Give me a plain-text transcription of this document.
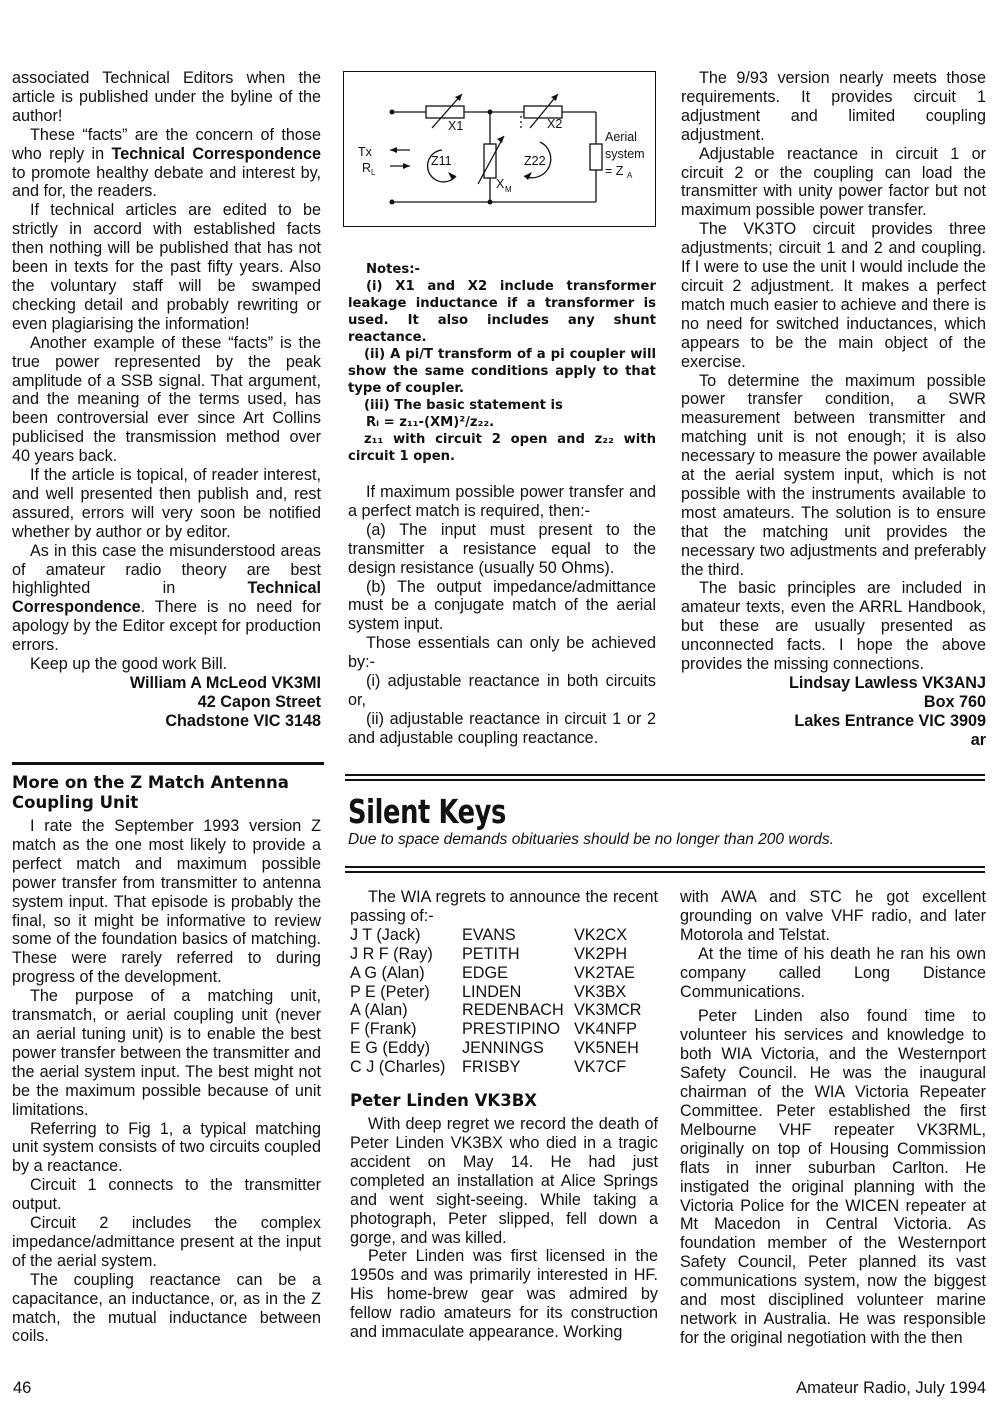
associated Technical Editors when the article is published under the byline of the author!

These “facts” are the concern of those who reply in Technical Correspondence to promote healthy debate and interest by, and for, the readers.

If technical articles are edited to be strictly in accord with established facts then nothing will be published that has not been in texts for the past fifty years. Also the voluntary staff will be swamped checking detail and probably rewriting or even plagiarising the information!

Another example of these “facts” is the true power represented by the peak amplitude of a SSB signal. That argument, and the meaning of the terms used, has been controversial ever since Art Collins publicised the transmission method over 40 years back.

If the article is topical, of reader interest, and well presented then publish and, rest assured, errors will very soon be notified whether by author or by editor.

As in this case the misunderstood areas of amateur radio theory are best highlighted in Technical Correspondence. There is no need for apology by the Editor except for production errors.

Keep up the good work Bill.

William A McLeod VK3MI
42 Capon Street
Chadstone VIC 3148
X1	X2
Tx
R L
Z11	Z22
X M
Aerial
system
= Z A

Notes:-

(i) X1 and X2 include transformer leakage inductance if a transformer is used. It also includes any shunt reactance.

(ii) A pi/T transform of a pi coupler will show the same conditions apply to that type of coupler.

(iii) The basic statement is

Rₗ = z₁₁-(XM)²/z₂₂.

z₁₁ with circuit 2 open and z₂₂ with circuit 1 open.

If maximum possible power transfer and a perfect match is required, then:-

(a) The input must present to the transmitter a resistance equal to the design resistance (usually 50 Ohms).

(b) The output impedance/admittance must be a conjugate match of the aerial system input.

Those essentials can only be achieved by:-

(i) adjustable reactance in both circuits or,

(ii) adjustable reactance in circuit 1 or 2 and adjustable coupling reactance.

The 9/93 version nearly meets those requirements. It provides circuit 1 adjustment and limited coupling adjustment.

Adjustable reactance in circuit 1 or circuit 2 or the coupling can load the transmitter with unity power factor but not maximum possible power transfer.

The VK3TO circuit provides three adjustments; circuit 1 and 2 and coupling. If I were to use the unit I would include the circuit 2 adjustment. It makes a perfect match much easier to achieve and there is no need for switched inductances, which appears to be the main object of the exercise.

To determine the maximum possible power transfer condition, a SWR measurement between transmitter and matching unit is not enough; it is also necessary to measure the power available at the aerial system input, which is not possible with the instruments available to most amateurs. The solution is to ensure that the matching unit provides the necessary two adjustments and preferably the third.

The basic principles are included in amateur texts, even the ARRL Handbook, but these are usually presented as unconnected facts. I hope the above provides the missing connections.

Lindsay Lawless VK3ANJ
Box 760
Lakes Entrance VIC 3909
ar
More on the Z Match Antenna Coupling Unit

I rate the September 1993 version Z match as the one most likely to provide a perfect match and maximum possible power transfer from transmitter to antenna system input. That episode is probably the final, so it might be informative to review some of the foundation basics of matching. These were rarely referred to during progress of the development.

The purpose of a matching unit, transmatch, or aerial coupling unit (never an aerial tuning unit) is to enable the best power transfer between the transmitter and the aerial system input. The best might not be the maximum possible because of unit limitations.

Referring to Fig 1, a typical matching unit system consists of two circuits coupled by a reactance.

Circuit 1 connects to the transmitter output.

Circuit 2 includes the complex impedance/admittance present at the input of the aerial system.

The coupling reactance can be a capacitance, an inductance, or, as in the Z match, the mutual inductance between coils.

Silent Keys
Due to space demands obituaries should be no longer than 200 words.

The WIA regrets to announce the recent passing of:-

J T (Jack)	EVANS	VK2CX
J R F (Ray)	PETITH	VK2PH
A G (Alan)	EDGE	VK2TAE
P E (Peter)	LINDEN	VK3BX
A (Alan)	REDENBACH	VK3MCR
F (Frank)	PRESTIPINO	VK4NFP
E G (Eddy)	JENNINGS	VK5NEH
C J (Charles)	FRISBY	VK7CF
Peter Linden VK3BX

With deep regret we record the death of Peter Linden VK3BX who died in a tragic accident on May 14. He had just completed an installation at Alice Springs and went sight-seeing. While taking a photograph, Peter slipped, fell down a gorge, and was killed.

Peter Linden was first licensed in the 1950s and was primarily interested in HF. His home-brew gear was admired by fellow radio amateurs for its construction and immaculate appearance. Working

with AWA and STC he got excellent grounding on valve VHF radio, and later Motorola and Telstat.

At the time of his death he ran his own company called Long Distance Communications.

Peter Linden also found time to volunteer his services and knowledge to both WIA Victoria, and the Westernport Safety Council. He was the inaugural chairman of the WIA Victoria Repeater Committee. Peter established the first Melbourne VHF repeater VK3RML, originally on top of Housing Commission flats in inner suburban Carlton. He instigated the original planning with the Victoria Police for the WICEN repeater at Mt Macedon in Central Victoria. As foundation member of the Westernport Safety Council, Peter planned its vast communications system, now the biggest and most disciplined volunteer marine network in Australia. He was responsible for the original negotiation with the then

46	Amateur Radio, July 1994
